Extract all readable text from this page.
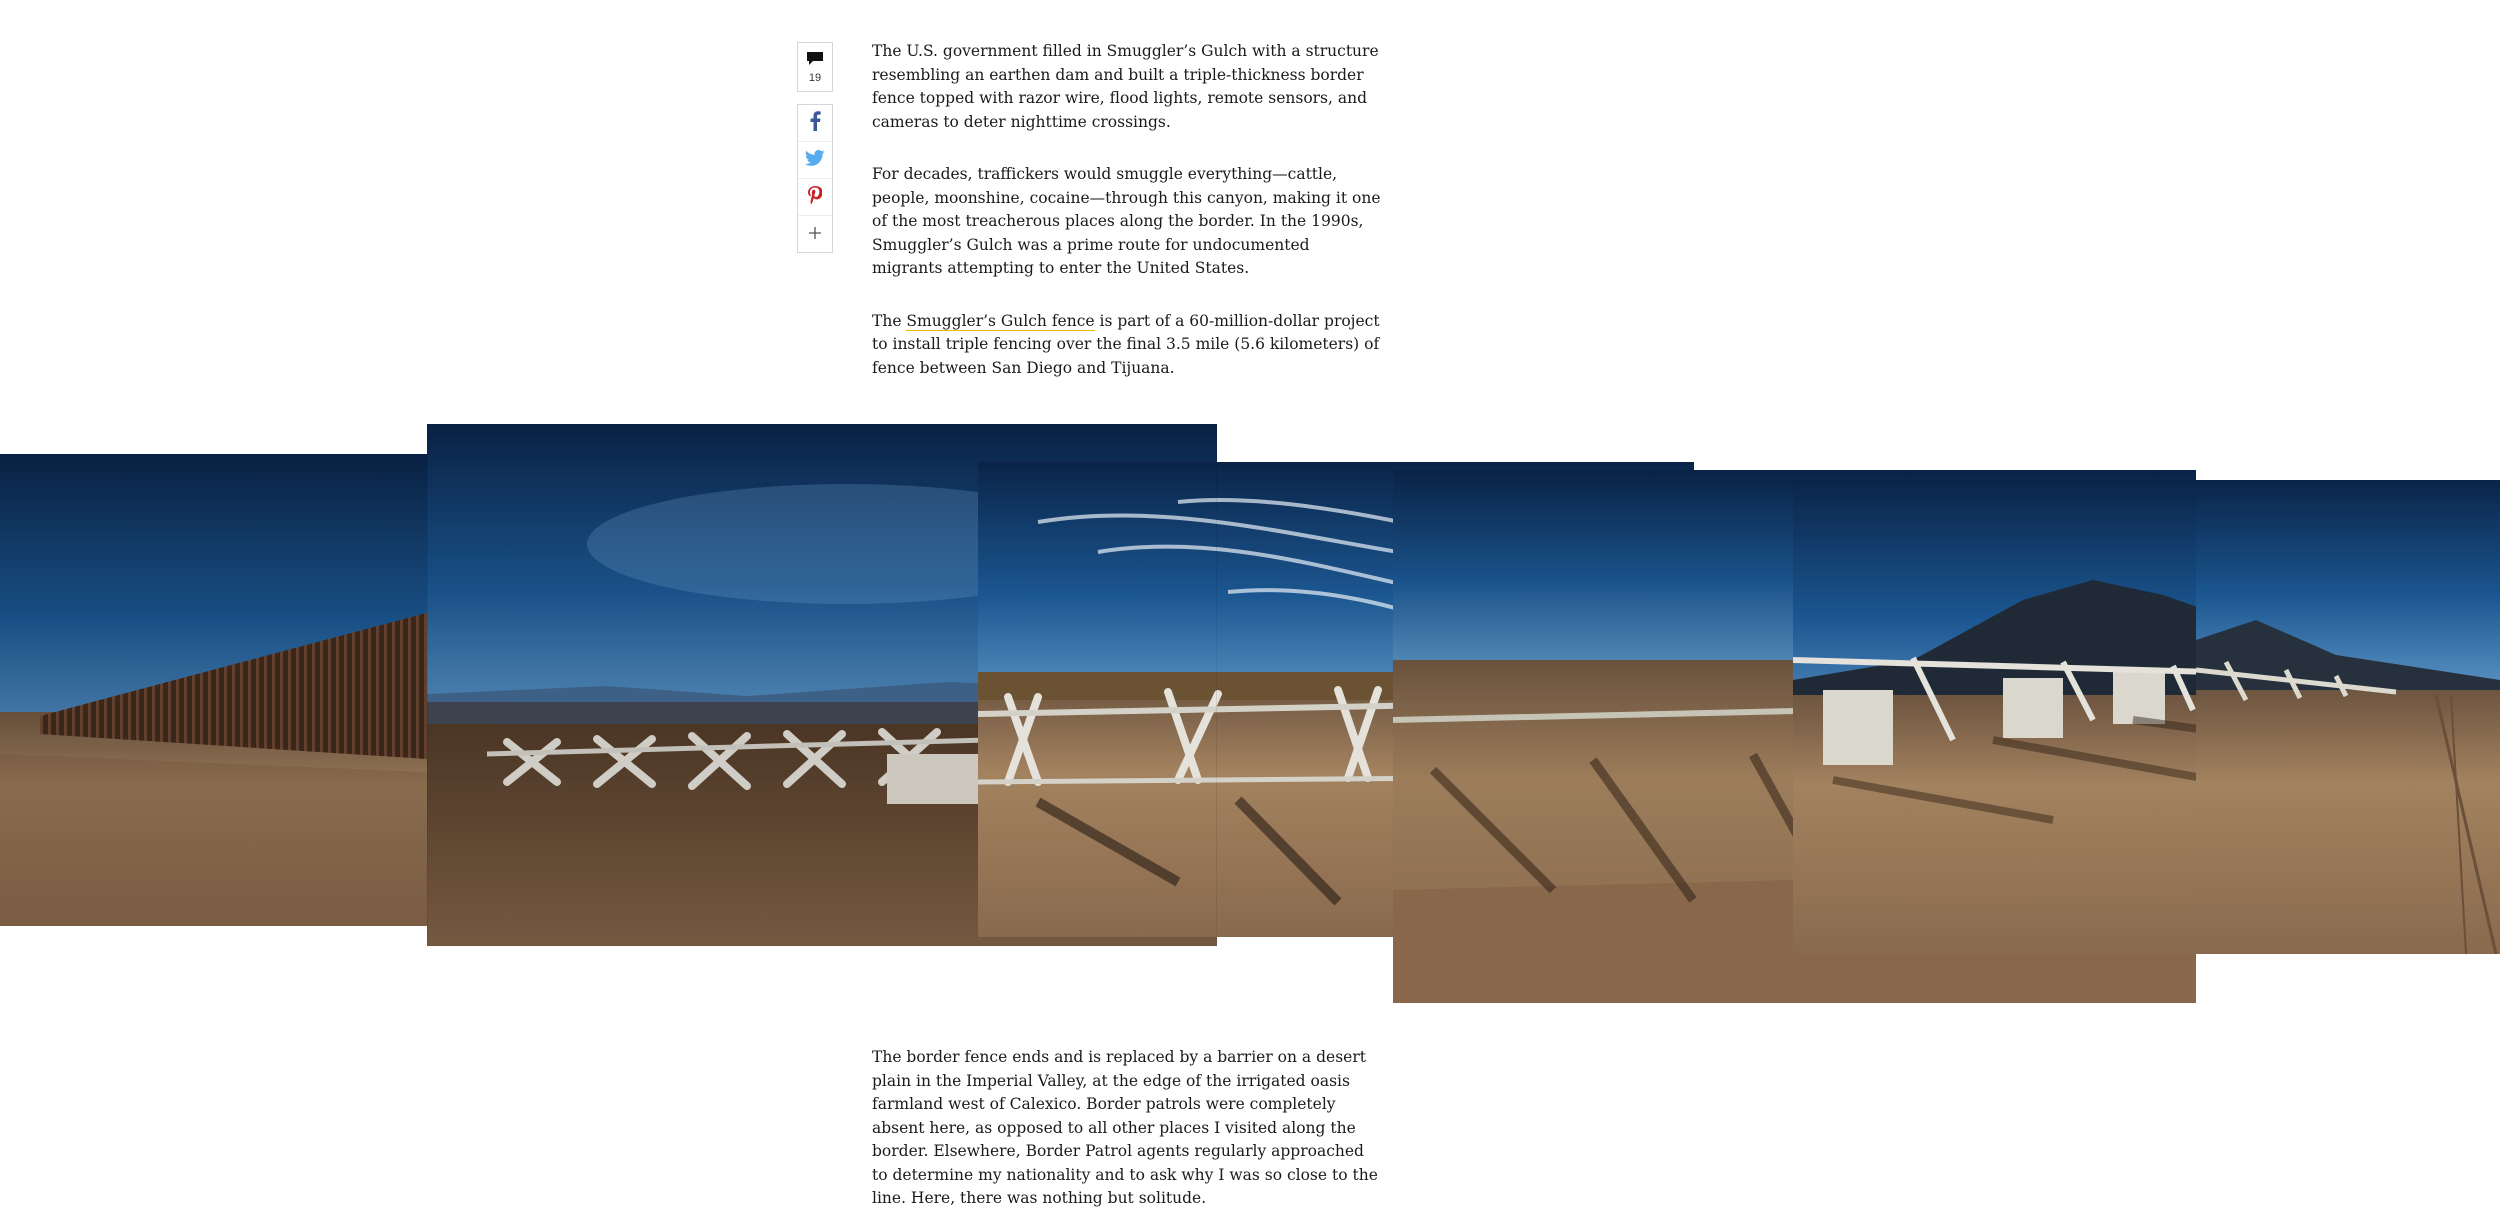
19

The U.S. government filled in Smuggler’s Gulch with a structure resembling an earthen dam and built a triple-thickness border fence topped with razor wire, flood lights, remote sensors, and cameras to deter nighttime crossings.

For decades, traffickers would smuggle everything—cattle, people, moonshine, cocaine—through this canyon, making it one of the most treacherous places along the border. In the 1990s, Smuggler’s Gulch was a prime route for undocumented migrants attempting to enter the United States.

The Smuggler’s Gulch fence is part of a 60-million-dollar project to install triple fencing over the final 3.5 mile (5.6 kilometers) of fence between San Diego and Tijuana.

The border fence ends and is replaced by a barrier on a desert plain in the Imperial Valley, at the edge of the irrigated oasis farmland west of Calexico. Border patrols were completely absent here, as opposed to all other places I visited along the border. Elsewhere, Border Patrol agents regularly approached to determine my nationality and to ask why I was so close to the line. Here, there was nothing but solitude.
